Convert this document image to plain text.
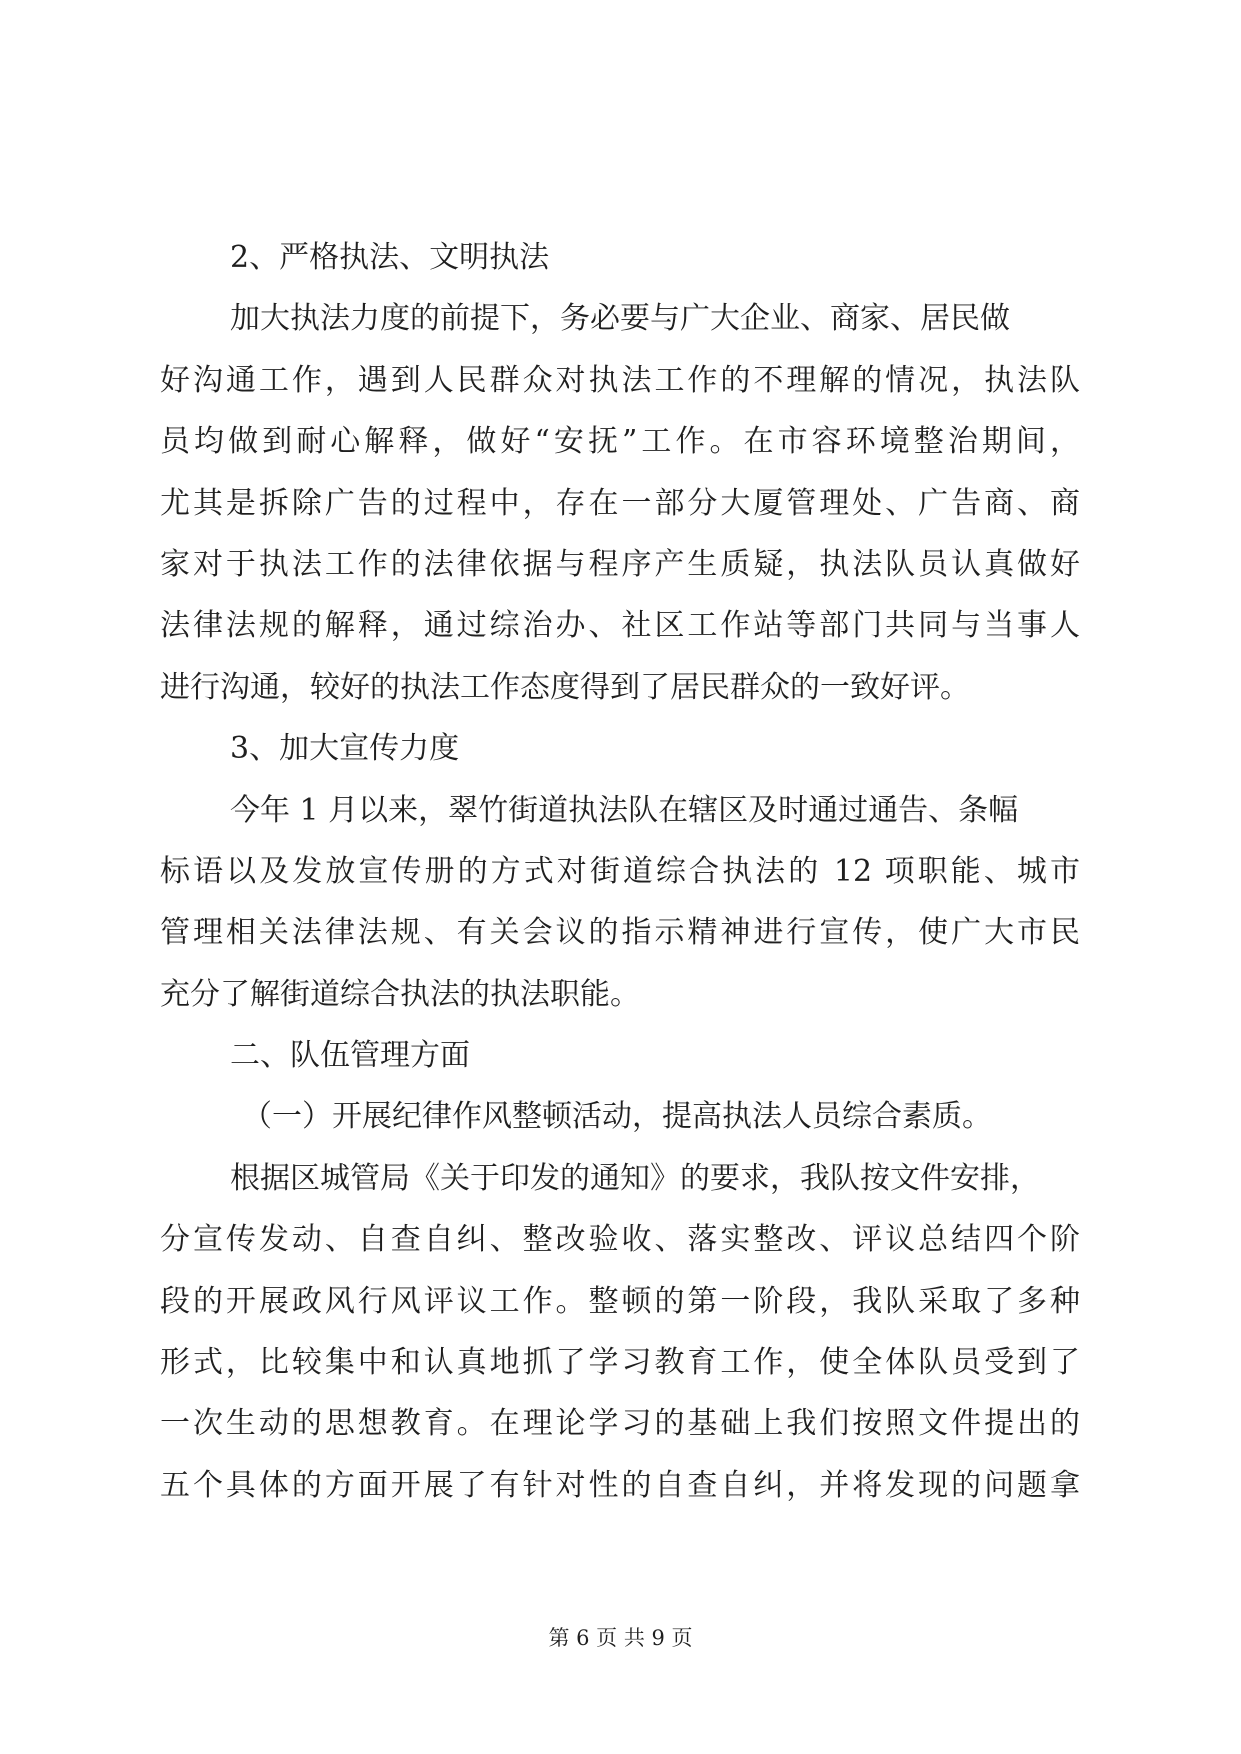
2、严格执法、文明执法
加大执法力度的前提下，务必要与广大企业、商家、居民做
好沟通工作，遇到人民群众对执法工作的不理解的情况，执法队
员均做到耐心解释，做好“安抚”工作。在市容环境整治期间，
尤其是拆除广告的过程中，存在一部分大厦管理处、广告商、商
家对于执法工作的法律依据与程序产生质疑，执法队员认真做好
法律法规的解释，通过综治办、社区工作站等部门共同与当事人
进行沟通，较好的执法工作态度得到了居民群众的一致好评。
3、加大宣传力度
今年 1 月以来，翠竹街道执法队在辖区及时通过通告、条幅
标语以及发放宣传册的方式对街道综合执法的 12 项职能、城市
管理相关法律法规、有关会议的指示精神进行宣传，使广大市民
充分了解街道综合执法的执法职能。
二、队伍管理方面
（一）开展纪律作风整顿活动，提高执法人员综合素质。
根据区城管局《关于印发的通知》的要求，我队按文件安排，
分宣传发动、自查自纠、整改验收、落实整改、评议总结四个阶
段的开展政风行风评议工作。整顿的第一阶段，我队采取了多种
形式，比较集中和认真地抓了学习教育工作，使全体队员受到了
一次生动的思想教育。在理论学习的基础上我们按照文件提出的
五个具体的方面开展了有针对性的自查自纠，并将发现的问题拿
第 6 页 共 9 页
